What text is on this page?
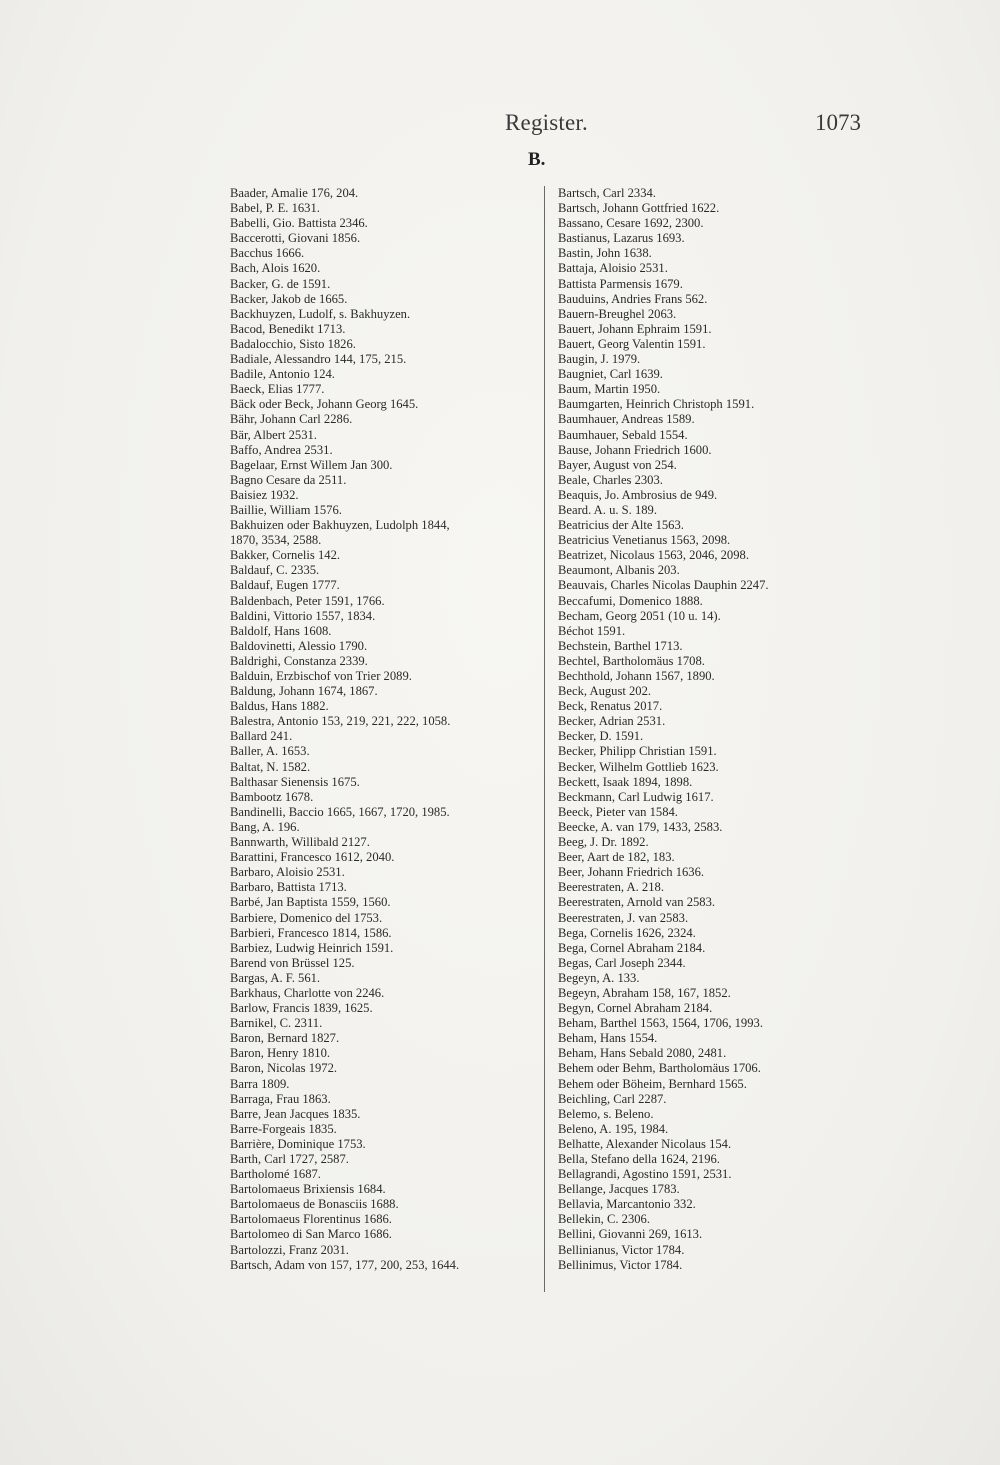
Register.	1073
B.
Baader, Amalie 176, 204.
Babel, P. E. 1631.
Babelli, Gio. Battista 2346.
Baccerotti, Giovani 1856.
Bacchus 1666.
Bach, Alois 1620.
Backer, G. de 1591.
Backer, Jakob de 1665.
Backhuyzen, Ludolf, s. Bakhuyzen.
Bacod, Benedikt 1713.
Badalocchio, Sisto 1826.
Badiale, Alessandro 144, 175, 215.
Badile, Antonio 124.
Baeck, Elias 1777.
Bäck oder Beck, Johann Georg 1645.
Bähr, Johann Carl 2286.
Bär, Albert 2531.
Baffo, Andrea 2531.
Bagelaar, Ernst Willem Jan 300.
Bagno Cesare da 2511.
Baisiez 1932.
Baillie, William 1576.
Bakhuizen oder Bakhuyzen, Ludolph 1844,
1870, 3534, 2588.
Bakker, Cornelis 142.
Baldauf, C. 2335.
Baldauf, Eugen 1777.
Baldenbach, Peter 1591, 1766.
Baldini, Vittorio 1557, 1834.
Baldolf, Hans 1608.
Baldovinetti, Alessio 1790.
Baldrighi, Constanza 2339.
Balduin, Erzbischof von Trier 2089.
Baldung, Johann 1674, 1867.
Baldus, Hans 1882.
Balestra, Antonio 153, 219, 221, 222, 1058.
Ballard 241.
Baller, A. 1653.
Baltat, N. 1582.
Balthasar Sienensis 1675.
Bambootz 1678.
Bandinelli, Baccio 1665, 1667, 1720, 1985.
Bang, A. 196.
Bannwarth, Willibald 2127.
Barattini, Francesco 1612, 2040.
Barbaro, Aloisio 2531.
Barbaro, Battista 1713.
Barbé, Jan Baptista 1559, 1560.
Barbiere, Domenico del 1753.
Barbieri, Francesco 1814, 1586.
Barbiez, Ludwig Heinrich 1591.
Barend von Brüssel 125.
Bargas, A. F. 561.
Barkhaus, Charlotte von 2246.
Barlow, Francis 1839, 1625.
Barnikel, C. 2311.
Baron, Bernard 1827.
Baron, Henry 1810.
Baron, Nicolas 1972.
Barra 1809.
Barraga, Frau 1863.
Barre, Jean Jacques 1835.
Barre-Forgeais 1835.
Barrière, Dominique 1753.
Barth, Carl 1727, 2587.
Bartholomé 1687.
Bartolomaeus Brixiensis 1684.
Bartolomaeus de Bonasciis 1688.
Bartolomaeus Florentinus 1686.
Bartolomeo di San Marco 1686.
Bartolozzi, Franz 2031.
Bartsch, Adam von 157, 177, 200, 253, 1644.
Bartsch, Carl 2334.
Bartsch, Johann Gottfried 1622.
Bassano, Cesare 1692, 2300.
Bastianus, Lazarus 1693.
Bastin, John 1638.
Battaja, Aloisio 2531.
Battista Parmensis 1679.
Bauduins, Andries Frans 562.
Bauern-Breughel 2063.
Bauert, Johann Ephraim 1591.
Bauert, Georg Valentin 1591.
Baugin, J. 1979.
Baugniet, Carl 1639.
Baum, Martin 1950.
Baumgarten, Heinrich Christoph 1591.
Baumhauer, Andreas 1589.
Baumhauer, Sebald 1554.
Bause, Johann Friedrich 1600.
Bayer, August von 254.
Beale, Charles 2303.
Beaquis, Jo. Ambrosius de 949.
Beard. A. u. S. 189.
Beatricius der Alte 1563.
Beatricius Venetianus 1563, 2098.
Beatrizet, Nicolaus 1563, 2046, 2098.
Beaumont, Albanis 203.
Beauvais, Charles Nicolas Dauphin 2247.
Beccafumi, Domenico 1888.
Becham, Georg 2051 (10 u. 14).
Béchot 1591.
Bechstein, Barthel 1713.
Bechtel, Bartholomäus 1708.
Bechthold, Johann 1567, 1890.
Beck, August 202.
Beck, Renatus 2017.
Becker, Adrian 2531.
Becker, D. 1591.
Becker, Philipp Christian 1591.
Becker, Wilhelm Gottlieb 1623.
Beckett, Isaak 1894, 1898.
Beckmann, Carl Ludwig 1617.
Beeck, Pieter van 1584.
Beecke, A. van 179, 1433, 2583.
Beeg, J. Dr. 1892.
Beer, Aart de 182, 183.
Beer, Johann Friedrich 1636.
Beerestraten, A. 218.
Beerestraten, Arnold van 2583.
Beerestraten, J. van 2583.
Bega, Cornelis 1626, 2324.
Bega, Cornel Abraham 2184.
Begas, Carl Joseph 2344.
Begeyn, A. 133.
Begeyn, Abraham 158, 167, 1852.
Begyn, Cornel Abraham 2184.
Beham, Barthel 1563, 1564, 1706, 1993.
Beham, Hans 1554.
Beham, Hans Sebald 2080, 2481.
Behem oder Behm, Bartholomäus 1706.
Behem oder Böheim, Bernhard 1565.
Beichling, Carl 2287.
Belemo, s. Beleno.
Beleno, A. 195, 1984.
Belhatte, Alexander Nicolaus 154.
Bella, Stefano della 1624, 2196.
Bellagrandi, Agostino 1591, 2531.
Bellange, Jacques 1783.
Bellavia, Marcantonio 332.
Bellekin, C. 2306.
Bellini, Giovanni 269, 1613.
Bellinianus, Victor 1784.
Bellinimus, Victor 1784.
